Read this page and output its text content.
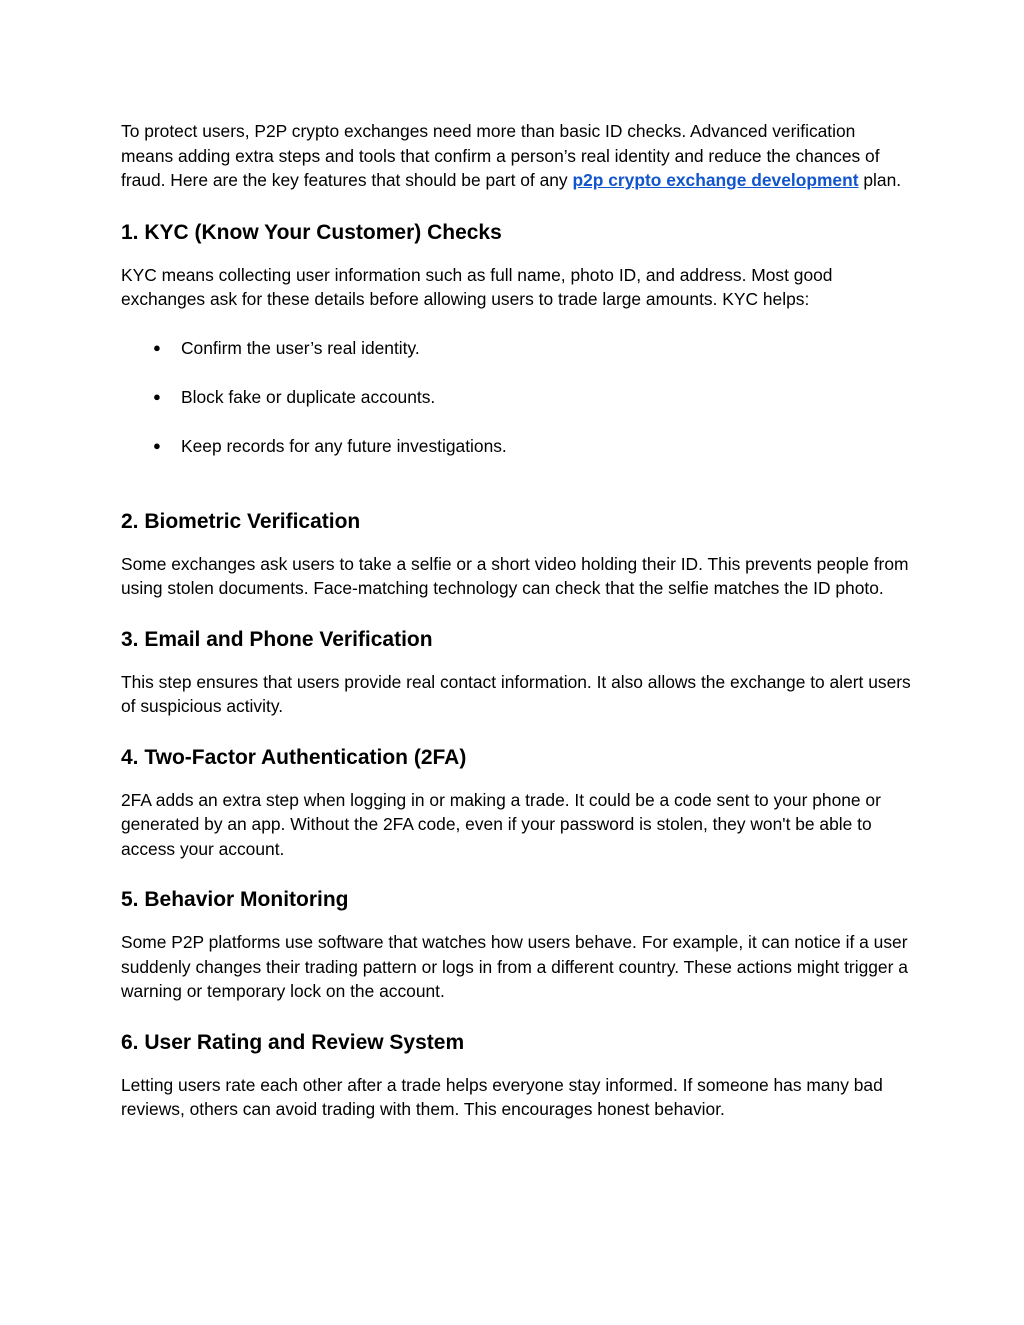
To protect users, P2P crypto exchanges need more than basic ID checks. Advanced verification means adding extra steps and tools that confirm a person’s real identity and reduce the chances of fraud. Here are the key features that should be part of any p2p crypto exchange development plan.

1. KYC (Know Your Customer) Checks

KYC means collecting user information such as full name, photo ID, and address. Most good exchanges ask for these details before allowing users to trade large amounts. KYC helps:

● Confirm the user’s real identity.
● Block fake or duplicate accounts.
● Keep records for any future investigations.
2. Biometric Verification

Some exchanges ask users to take a selfie or a short video holding their ID. This prevents people from using stolen documents. Face-matching technology can check that the selfie matches the ID photo.

3. Email and Phone Verification

This step ensures that users provide real contact information. It also allows the exchange to alert users of suspicious activity.

4. Two-Factor Authentication (2FA)

2FA adds an extra step when logging in or making a trade. It could be a code sent to your phone or generated by an app. Without the 2FA code, even if your password is stolen, they won't be able to access your account.

5. Behavior Monitoring

Some P2P platforms use software that watches how users behave. For example, it can notice if a user suddenly changes their trading pattern or logs in from a different country. These actions might trigger a warning or temporary lock on the account.

6. User Rating and Review System

Letting users rate each other after a trade helps everyone stay informed. If someone has many bad reviews, others can avoid trading with them. This encourages honest behavior.
